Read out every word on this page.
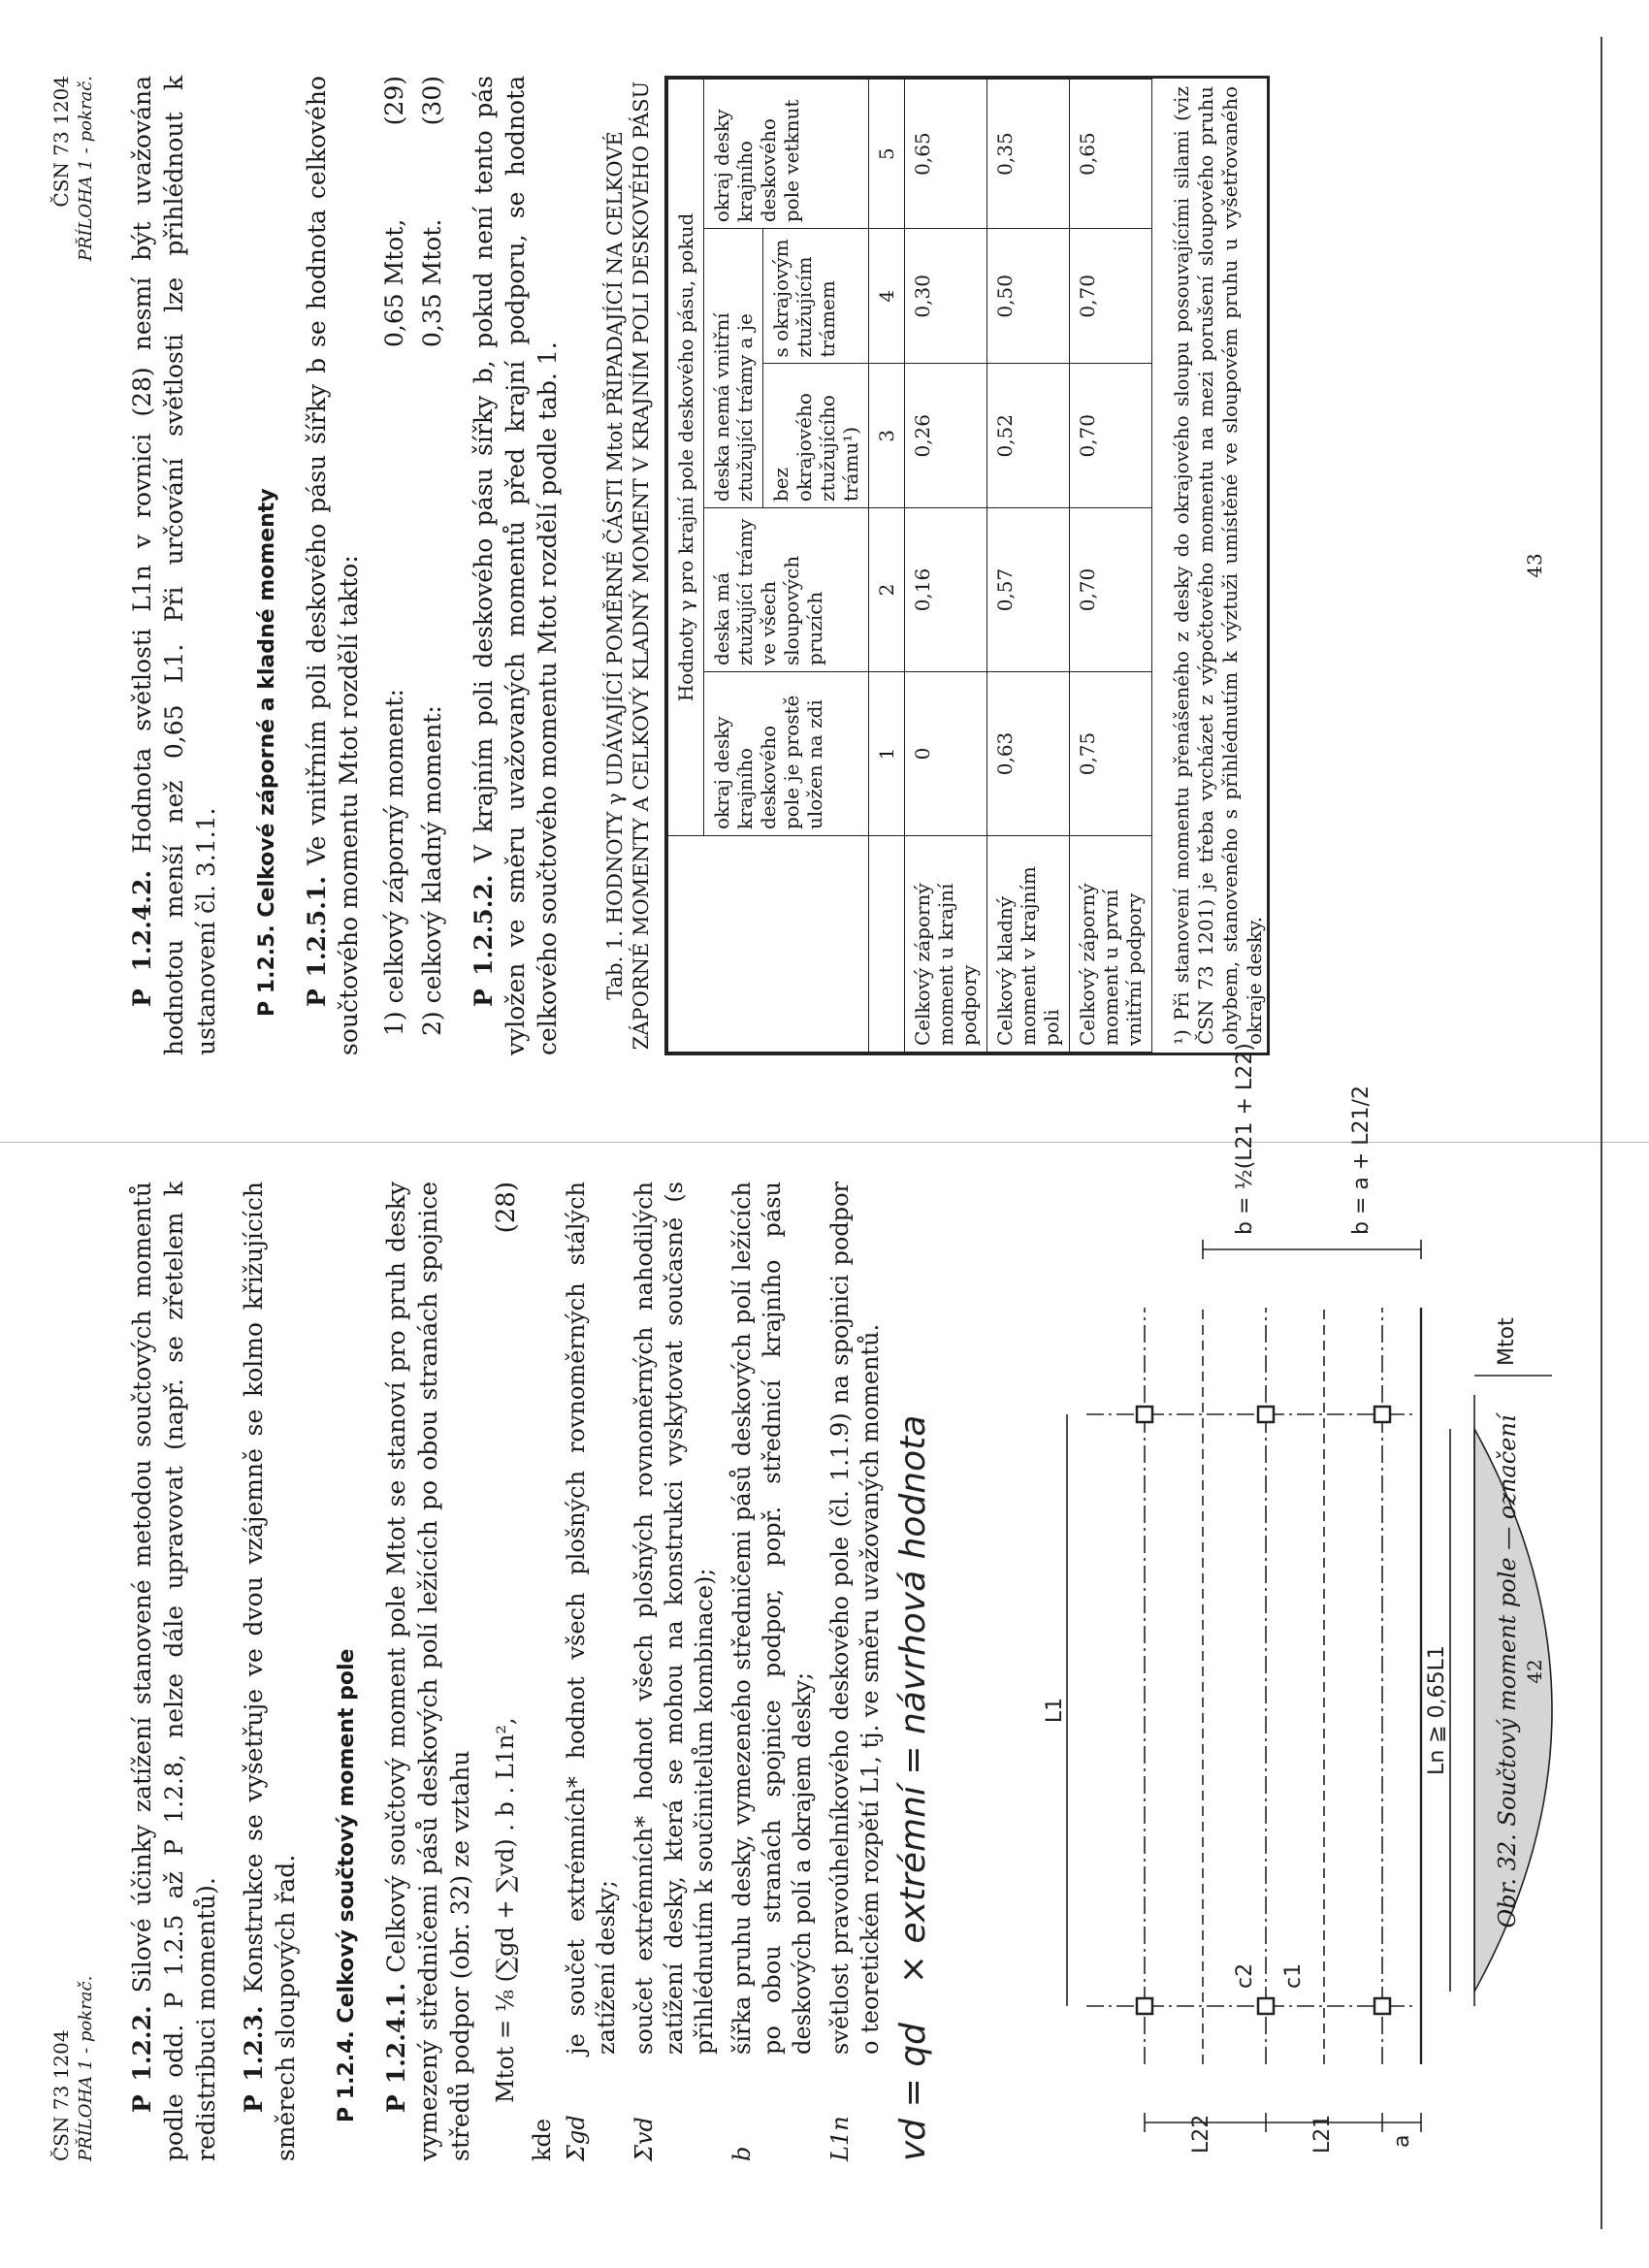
ČSN 73 1204 PŘÍLOHA 1 - pokrač. P 1.2.2. Silové účinky zatížení stanovené metodou součtových momentů podle odd. P 1.2.5 až P 1.2.8, nelze dále upravovat (např. se zřetelem k redistribuci momentů). P 1.2.3. Konstrukce se vyšetřuje ve dvou vzájemně se kolmo křižujících směrech sloupových řad. P 1.2.4. Celkový součtový moment pole P 1.2.4.1. Celkový součtový moment pole Mtot se stanoví pro pruh desky vymezený středničemi pásů deskových polí ležících po obou stranách spojnice středů podpor (obr. 32) ze vztahu Mtot = ⅛ (∑gd + ∑vd) . b . L1n²,
(28)
kde Σgd
je součet extrémních* hodnot všech plošných rovnoměrných stálých zatížení desky;
Σvd
součet extrémních* hodnot všech plošných rovnoměrných nahodilých zatížení desky, která se mohou na konstrukci vyskytovat současně (s přihlédnutím k součinitelům kombinace);
b
šířka pruhu desky, vymezeného středničemi pásů deskových polí ležících po obou stranách spojnice podpor, popř. střednicí krajního pásu deskových polí a okrajem desky;
L1n
světlost pravoúhelníkového deskového pole (čl. 1.1.9) na spojnici podpor o teoretickém rozpětí L1, tj. ve směru uvažovaných momentů.
vd = qd
× extrémní = návrhová hodnota	L1
L22	L21	a
c2 c1
Ln ≧ 0,65L1
b = a + L21/2
b = ½(L21 + L22)
Mtot
Obr. 32. Součtový moment pole — označení 42
ČSN 73 1204 PŘÍLOHA 1 - pokrač.

P 1.2.4.2. Hodnota světlosti L1n v rovnici (28) nesmí být uvažována hodnotou menší než 0,65 L1. Při určování světlosti lze přihlédnout k ustanovení čl. 3.1.1. P 1.2.5. Celkové záporné a kladné momenty P 1.2.5.1. Ve vnitřním poli deskového pásu šířky b se hodnota celkového součtového momentu Mtot rozdělí takto: 1) celkový záporný moment:
0,65 Mtot,
(29)
2) celkový kladný moment:
0,35 Mtot.
(30)

P 1.2.5.2. V krajním poli deskového pásu šířky b, pokud není tento pás vyložen ve směru uvažovaných momentů před krajní podporu, se hodnota celkového součtového momentu Mtot rozdělí podle tab. 1. Tab. 1. HODNOTY γ UDÁVAJÍCÍ POMĚRNÉ ČÁSTI Mtot PŘIPADAJÍCÍ NA CELKOVÉ ZÁPORNÉ MOMENTY A CELKOVÝ KLADNÝ MOMENT V KRAJNÍM POLI DESKOVÉHO PÁSU
	Hodnoty γ pro krajní pole deskového pásu, pokud				
	okraj desky krajního deskového pole je prostě uložen na zdi	deska má ztužující trámy ve všech sloupových pruzích	deska nemá vnitřní ztužující trámy a je		okraj desky krajního deskového pole vetknut
			bez okrajového ztužujícího trámu¹)	s okrajovým ztužujícím trámem	
	1	2	3	4	5
Celkový záporný moment u krajní podpory	0	0,16	0,26	0,30	0,65
Celkový kladný moment v krajním poli	0,63	0,57	0,52	0,50	0,35
Celkový záporný moment u první vnitřní podpory	0,75	0,70	0,70	0,70	0,65	¹) Při stanovení momentu přenášeného z desky do okrajového sloupu posouvajícími silami (viz ČSN 73 1201) je třeba vycházet z výpočtového momentu na mezi porušení sloupového pruhu ohybem, stanoveného s přihlédnutím k výztuži umístěné ve sloupovém pruhu u vyšetřovaného okraje desky.
43
